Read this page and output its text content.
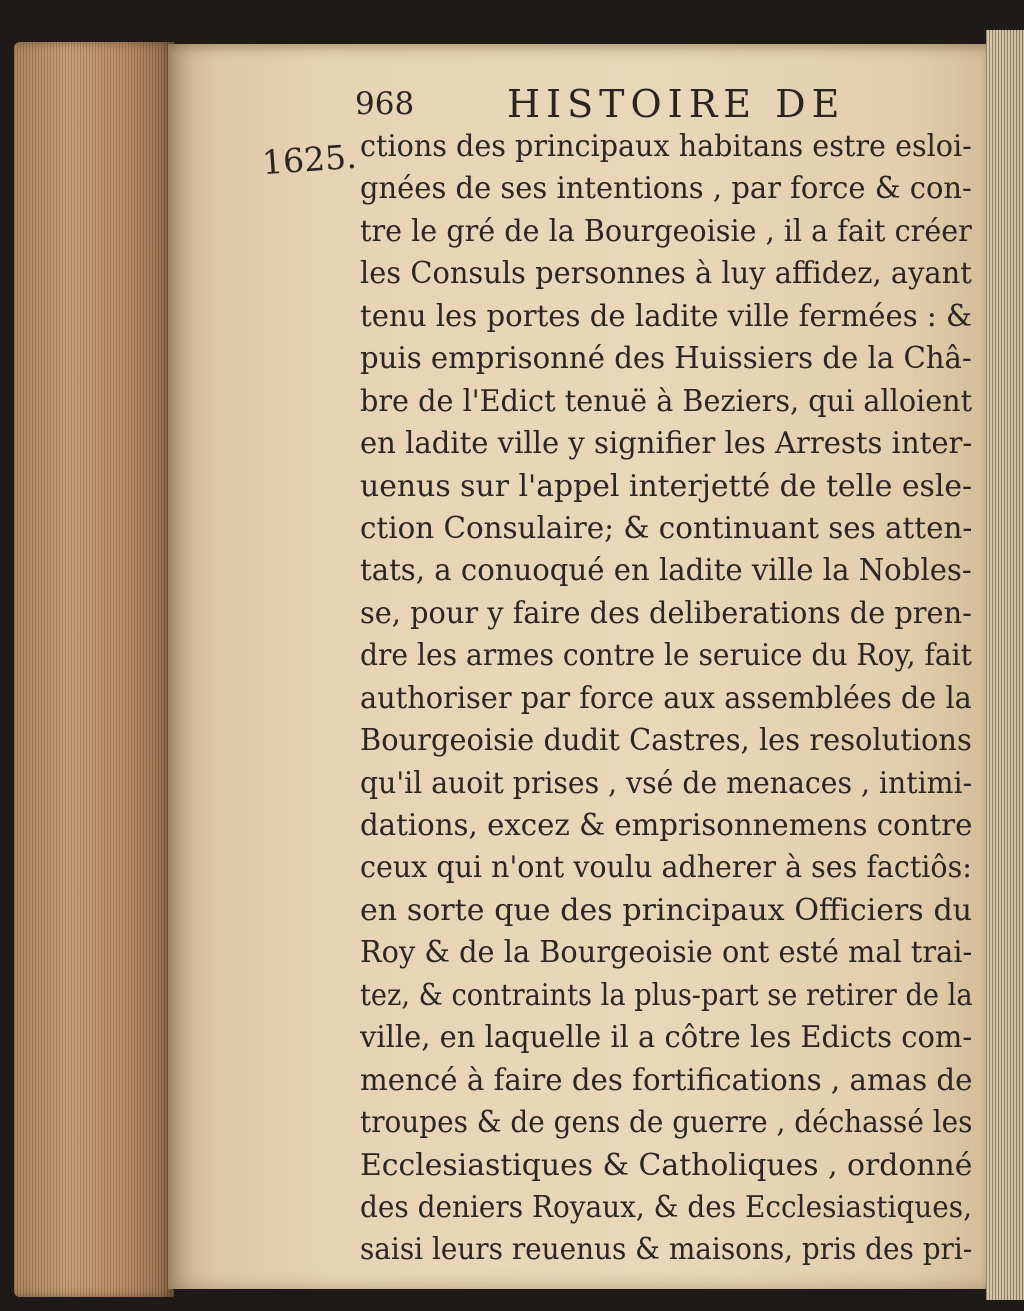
968 HISTOIRE DE
1625. ctions des principaux habitans estre esloi-
gnées de ses intentions , par force & con-
tre le gré de la Bourgeoisie , il a fait créer
les Consuls personnes à luy affidez, ayant
tenu les portes de ladite ville fermées : &
puis emprisonné des Huissiers de la Châ-
bre de l'Edict tenuë à Beziers, qui alloient
en ladite ville y signifier les Arrests inter-
uenus sur l'appel interjetté de telle esle-
ction Consulaire; & continuant ses atten-
tats, a conuoqué en ladite ville la Nobles-
se, pour y faire des deliberations de pren-
dre les armes contre le seruice du Roy, fait
authoriser par force aux assemblées de la
Bourgeoisie dudit Castres, les resolutions
qu'il auoit prises , vsé de menaces , intimi-
dations, excez & emprisonnemens contre
ceux qui n'ont voulu adherer à ses factiôs:
en sorte que des principaux Officiers du
Roy & de la Bourgeoisie ont esté mal trai-
tez, & contraints la plus-part se retirer de la
ville, en laquelle il a côtre les Edicts com-
mencé à faire des fortifications , amas de
troupes & de gens de guerre , déchassé les
Ecclesiastiques & Catholiques , ordonné
des deniers Royaux, & des Ecclesiastiques,
saisi leurs reuenus & maisons, pris des pri-
